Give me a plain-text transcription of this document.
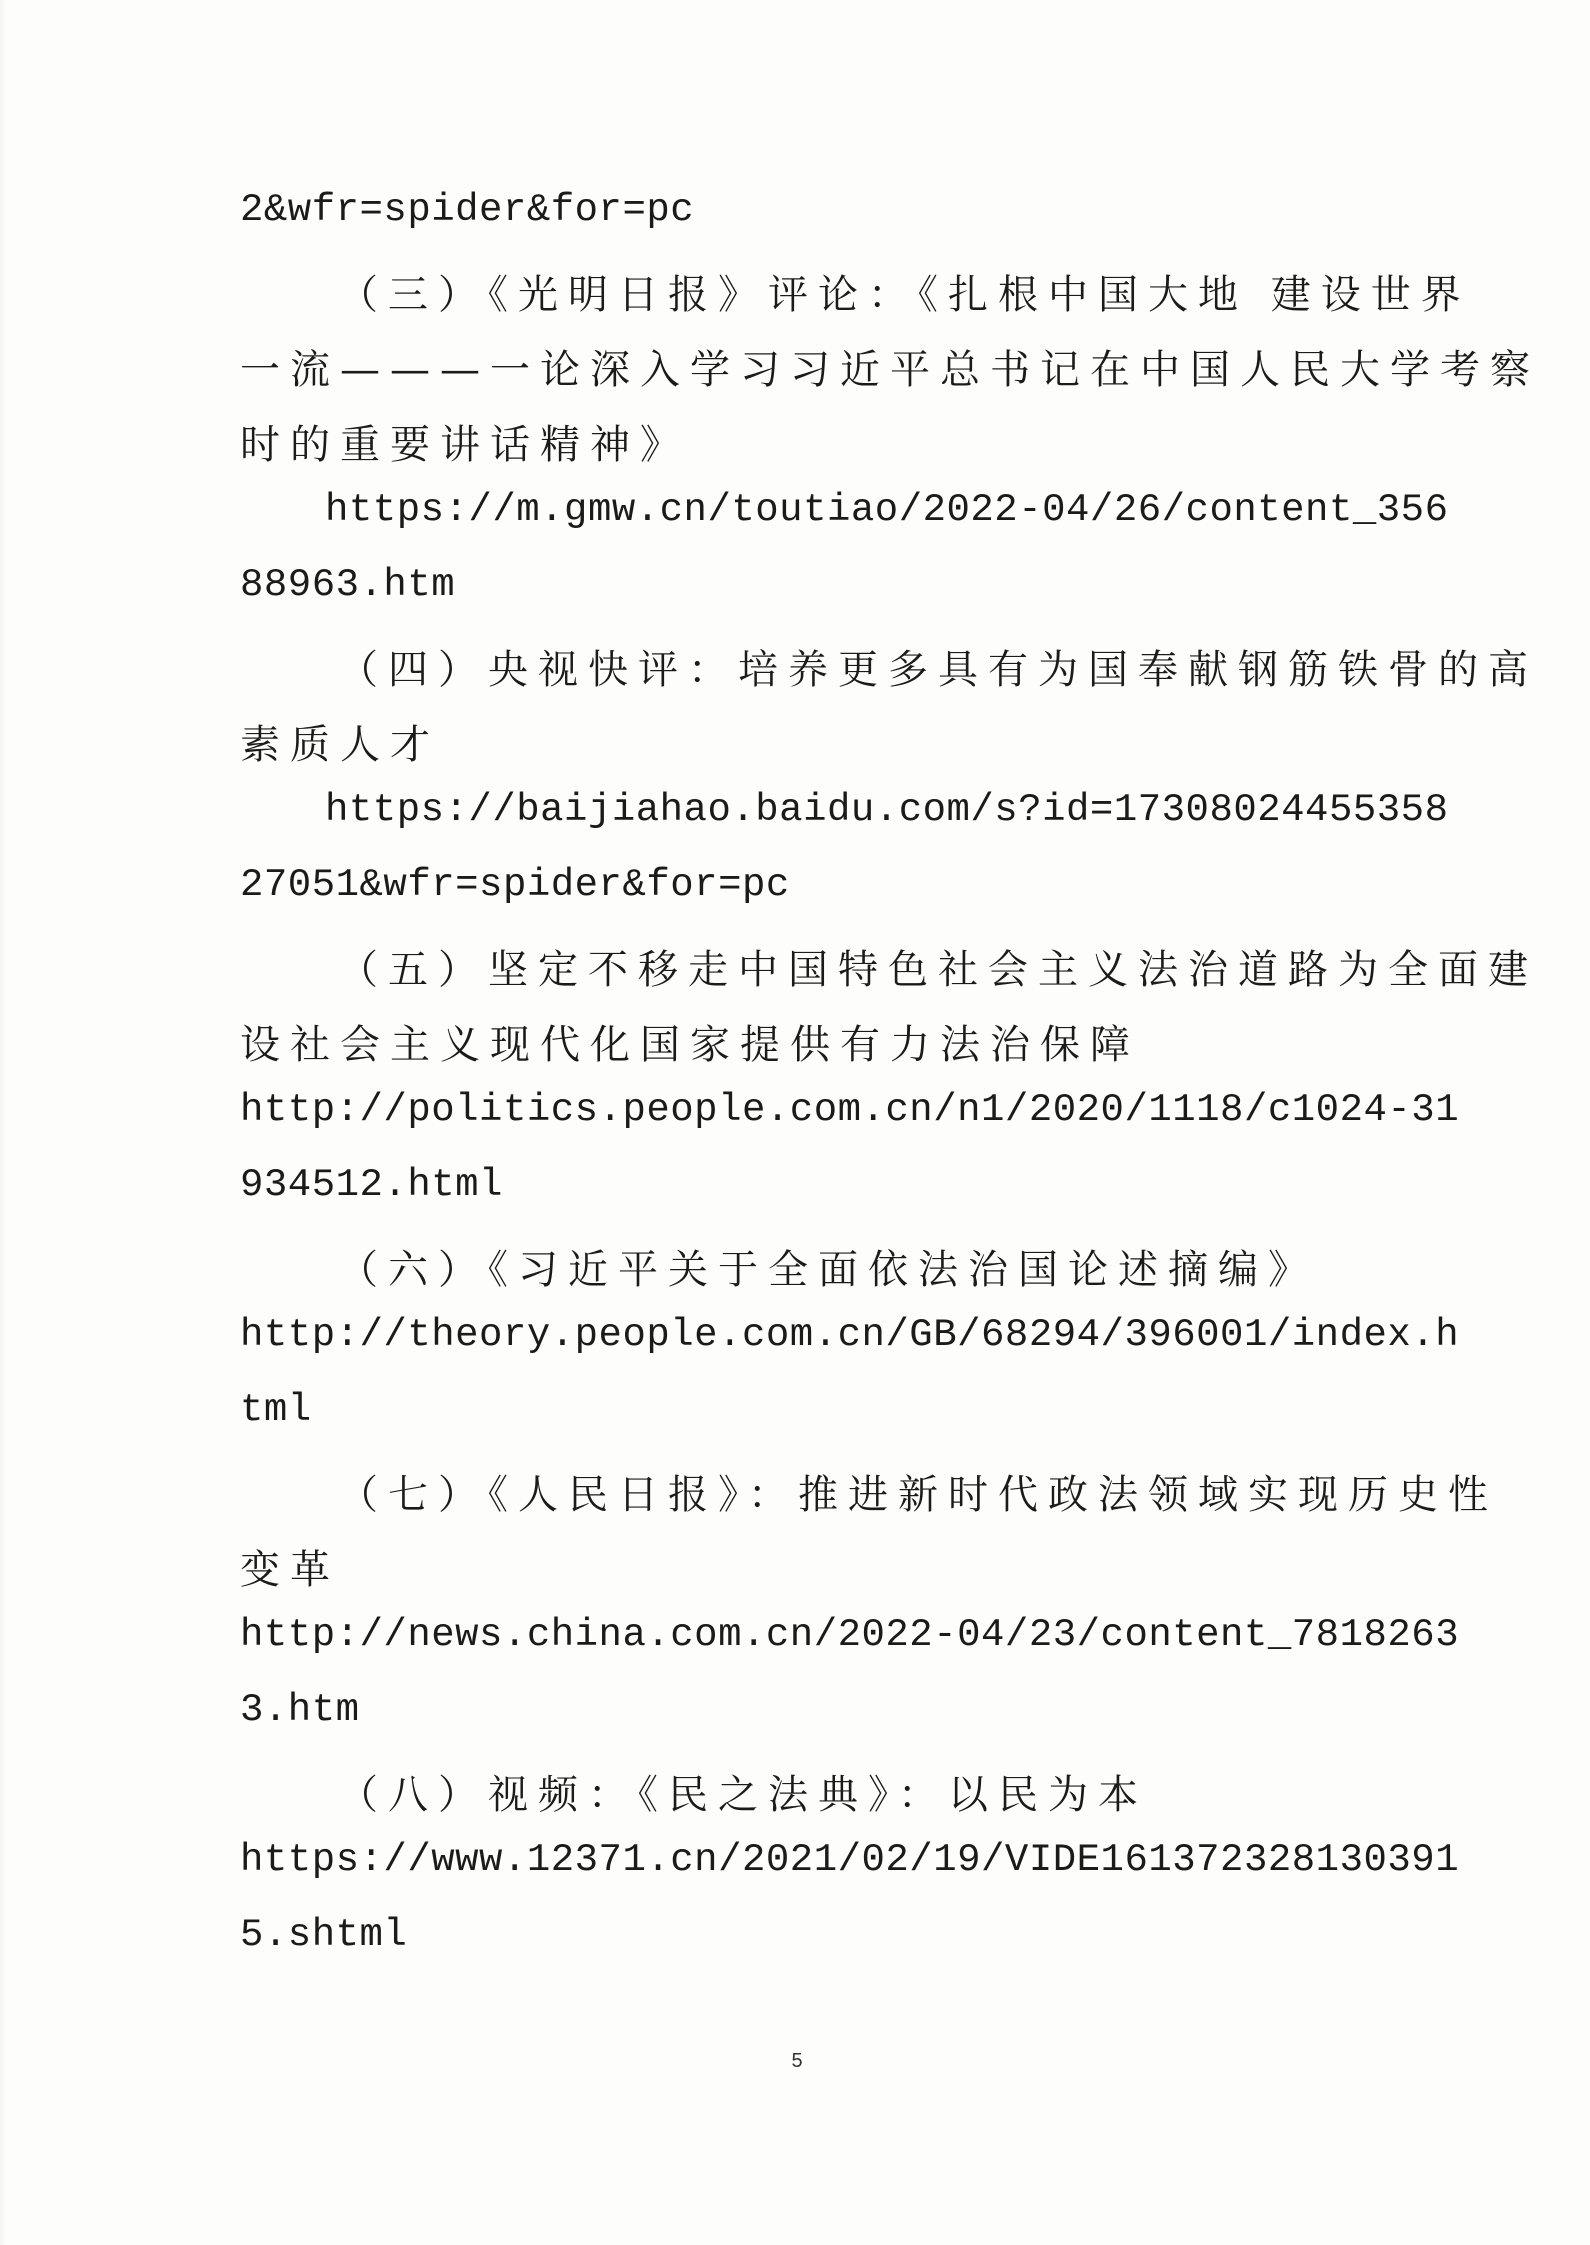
2&wfr=spider&for=pc
（三）《光明日报》评论：《扎根中国大地 建设世界
一流———一论深入学习习近平总书记在中国人民大学考察
时的重要讲话精神》
https://m.gmw.cn/toutiao/2022-04/26/content_356
88963.htm
（四）央视快评：培养更多具有为国奉献钢筋铁骨的高
素质人才
https://baijiahao.baidu.com/s?id=17308024455358
27051&wfr=spider&for=pc
（五）坚定不移走中国特色社会主义法治道路为全面建
设社会主义现代化国家提供有力法治保障
http://politics.people.com.cn/n1/2020/1118/c1024-31
934512.html
（六）《习近平关于全面依法治国论述摘编》
http://theory.people.com.cn/GB/68294/396001/index.h
tml
（七）《人民日报》：推进新时代政法领域实现历史性
变革
http://news.china.com.cn/2022-04/23/content_7818263
3.htm
（八）视频：《民之法典》：以民为本
https://www.12371.cn/2021/02/19/VIDE161372328130391
5.shtml
5
